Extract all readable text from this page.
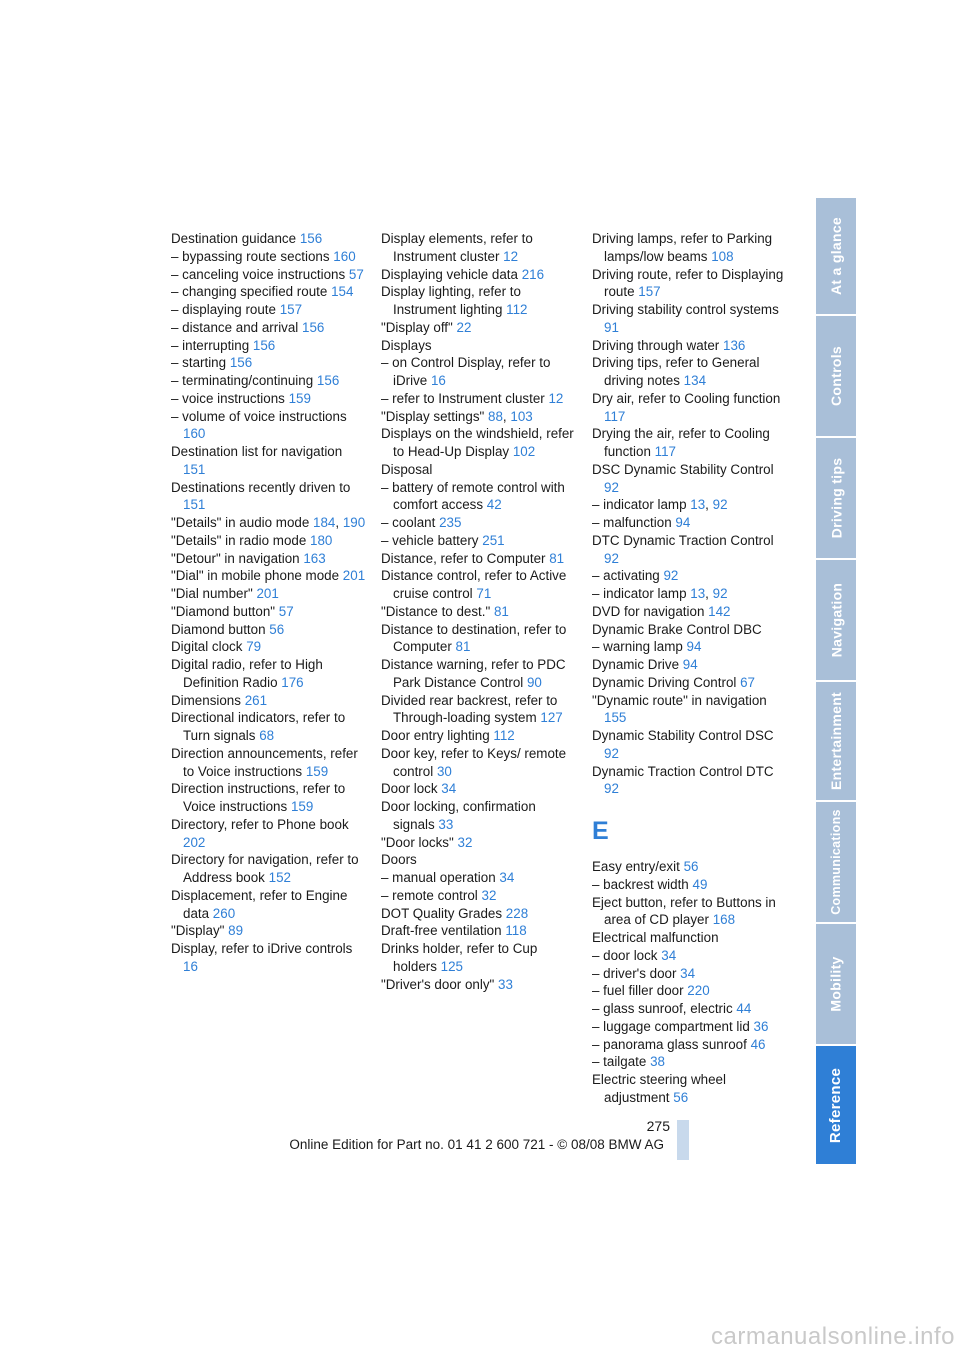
Destination guidance 156

– bypassing route sections 160

– canceling voice instructions 57

– changing specified route 154

– displaying route 157

– distance and arrival 156

– interrupting 156

– starting 156

– terminating/continuing 156

– voice instructions 159

– volume of voice instructions 160

Destination list for navigation 151

Destinations recently driven to 151

"Details" in audio mode 184, 190

"Details" in radio mode 180

"Detour" in navigation 163

"Dial" in mobile phone mode 201

"Dial number" 201

"Diamond button" 57

Diamond button 56

Digital clock 79

Digital radio, refer to High Definition Radio 176

Dimensions 261

Directional indicators, refer to Turn signals 68

Direction announcements, refer to Voice instructions 159

Direction instructions, refer to Voice instructions 159

Directory, refer to Phone book 202

Directory for navigation, refer to Address book 152

Displacement, refer to Engine data 260

"Display" 89

Display, refer to iDrive controls 16

Display elements, refer to Instrument cluster 12

Displaying vehicle data 216

Display lighting, refer to Instrument lighting 112

"Display off" 22

Displays

– on Control Display, refer to iDrive 16

– refer to Instrument cluster 12

"Display settings" 88, 103

Displays on the windshield, refer to Head-Up Display 102

Disposal

– battery of remote control with comfort access 42

– coolant 235

– vehicle battery 251

Distance, refer to Computer 81

Distance control, refer to Active cruise control 71

"Distance to dest." 81

Distance to destination, refer to Computer 81

Distance warning, refer to PDC Park Distance Control 90

Divided rear backrest, refer to Through-loading system 127

Door entry lighting 112

Door key, refer to Keys/ remote control 30

Door lock 34

Door locking, confirmation signals 33

"Door locks" 32

Doors

– manual operation 34

– remote control 32

DOT Quality Grades 228

Draft-free ventilation 118

Drinks holder, refer to Cup holders 125

"Driver's door only" 33

Driving lamps, refer to Parking lamps/low beams 108

Driving route, refer to Displaying route 157

Driving stability control systems 91

Driving through water 136

Driving tips, refer to General driving notes 134

Dry air, refer to Cooling function 117

Drying the air, refer to Cooling function 117

DSC Dynamic Stability Control 92

– indicator lamp 13, 92

– malfunction 94

DTC Dynamic Traction Control 92

– activating 92

– indicator lamp 13, 92

DVD for navigation 142

Dynamic Brake Control DBC

– warning lamp 94

Dynamic Drive 94

Dynamic Driving Control 67

"Dynamic route" in navigation 155

Dynamic Stability Control DSC 92

Dynamic Traction Control DTC 92

E

Easy entry/exit 56

– backrest width 49

Eject button, refer to Buttons in area of CD player 168

Electrical malfunction

– door lock 34

– driver's door 34

– fuel filler door 220

– glass sunroof, electric 44

– luggage compartment lid 36

– panorama glass sunroof 46

– tailgate 38

Electric steering wheel adjustment 56

At a glance
Controls
Driving tips
Navigation
Entertainment
Communications
Mobility
Reference
275
Online Edition for Part no. 01 41 2 600 721 - © 08/08 BMW AG
carmanualsonline.info
